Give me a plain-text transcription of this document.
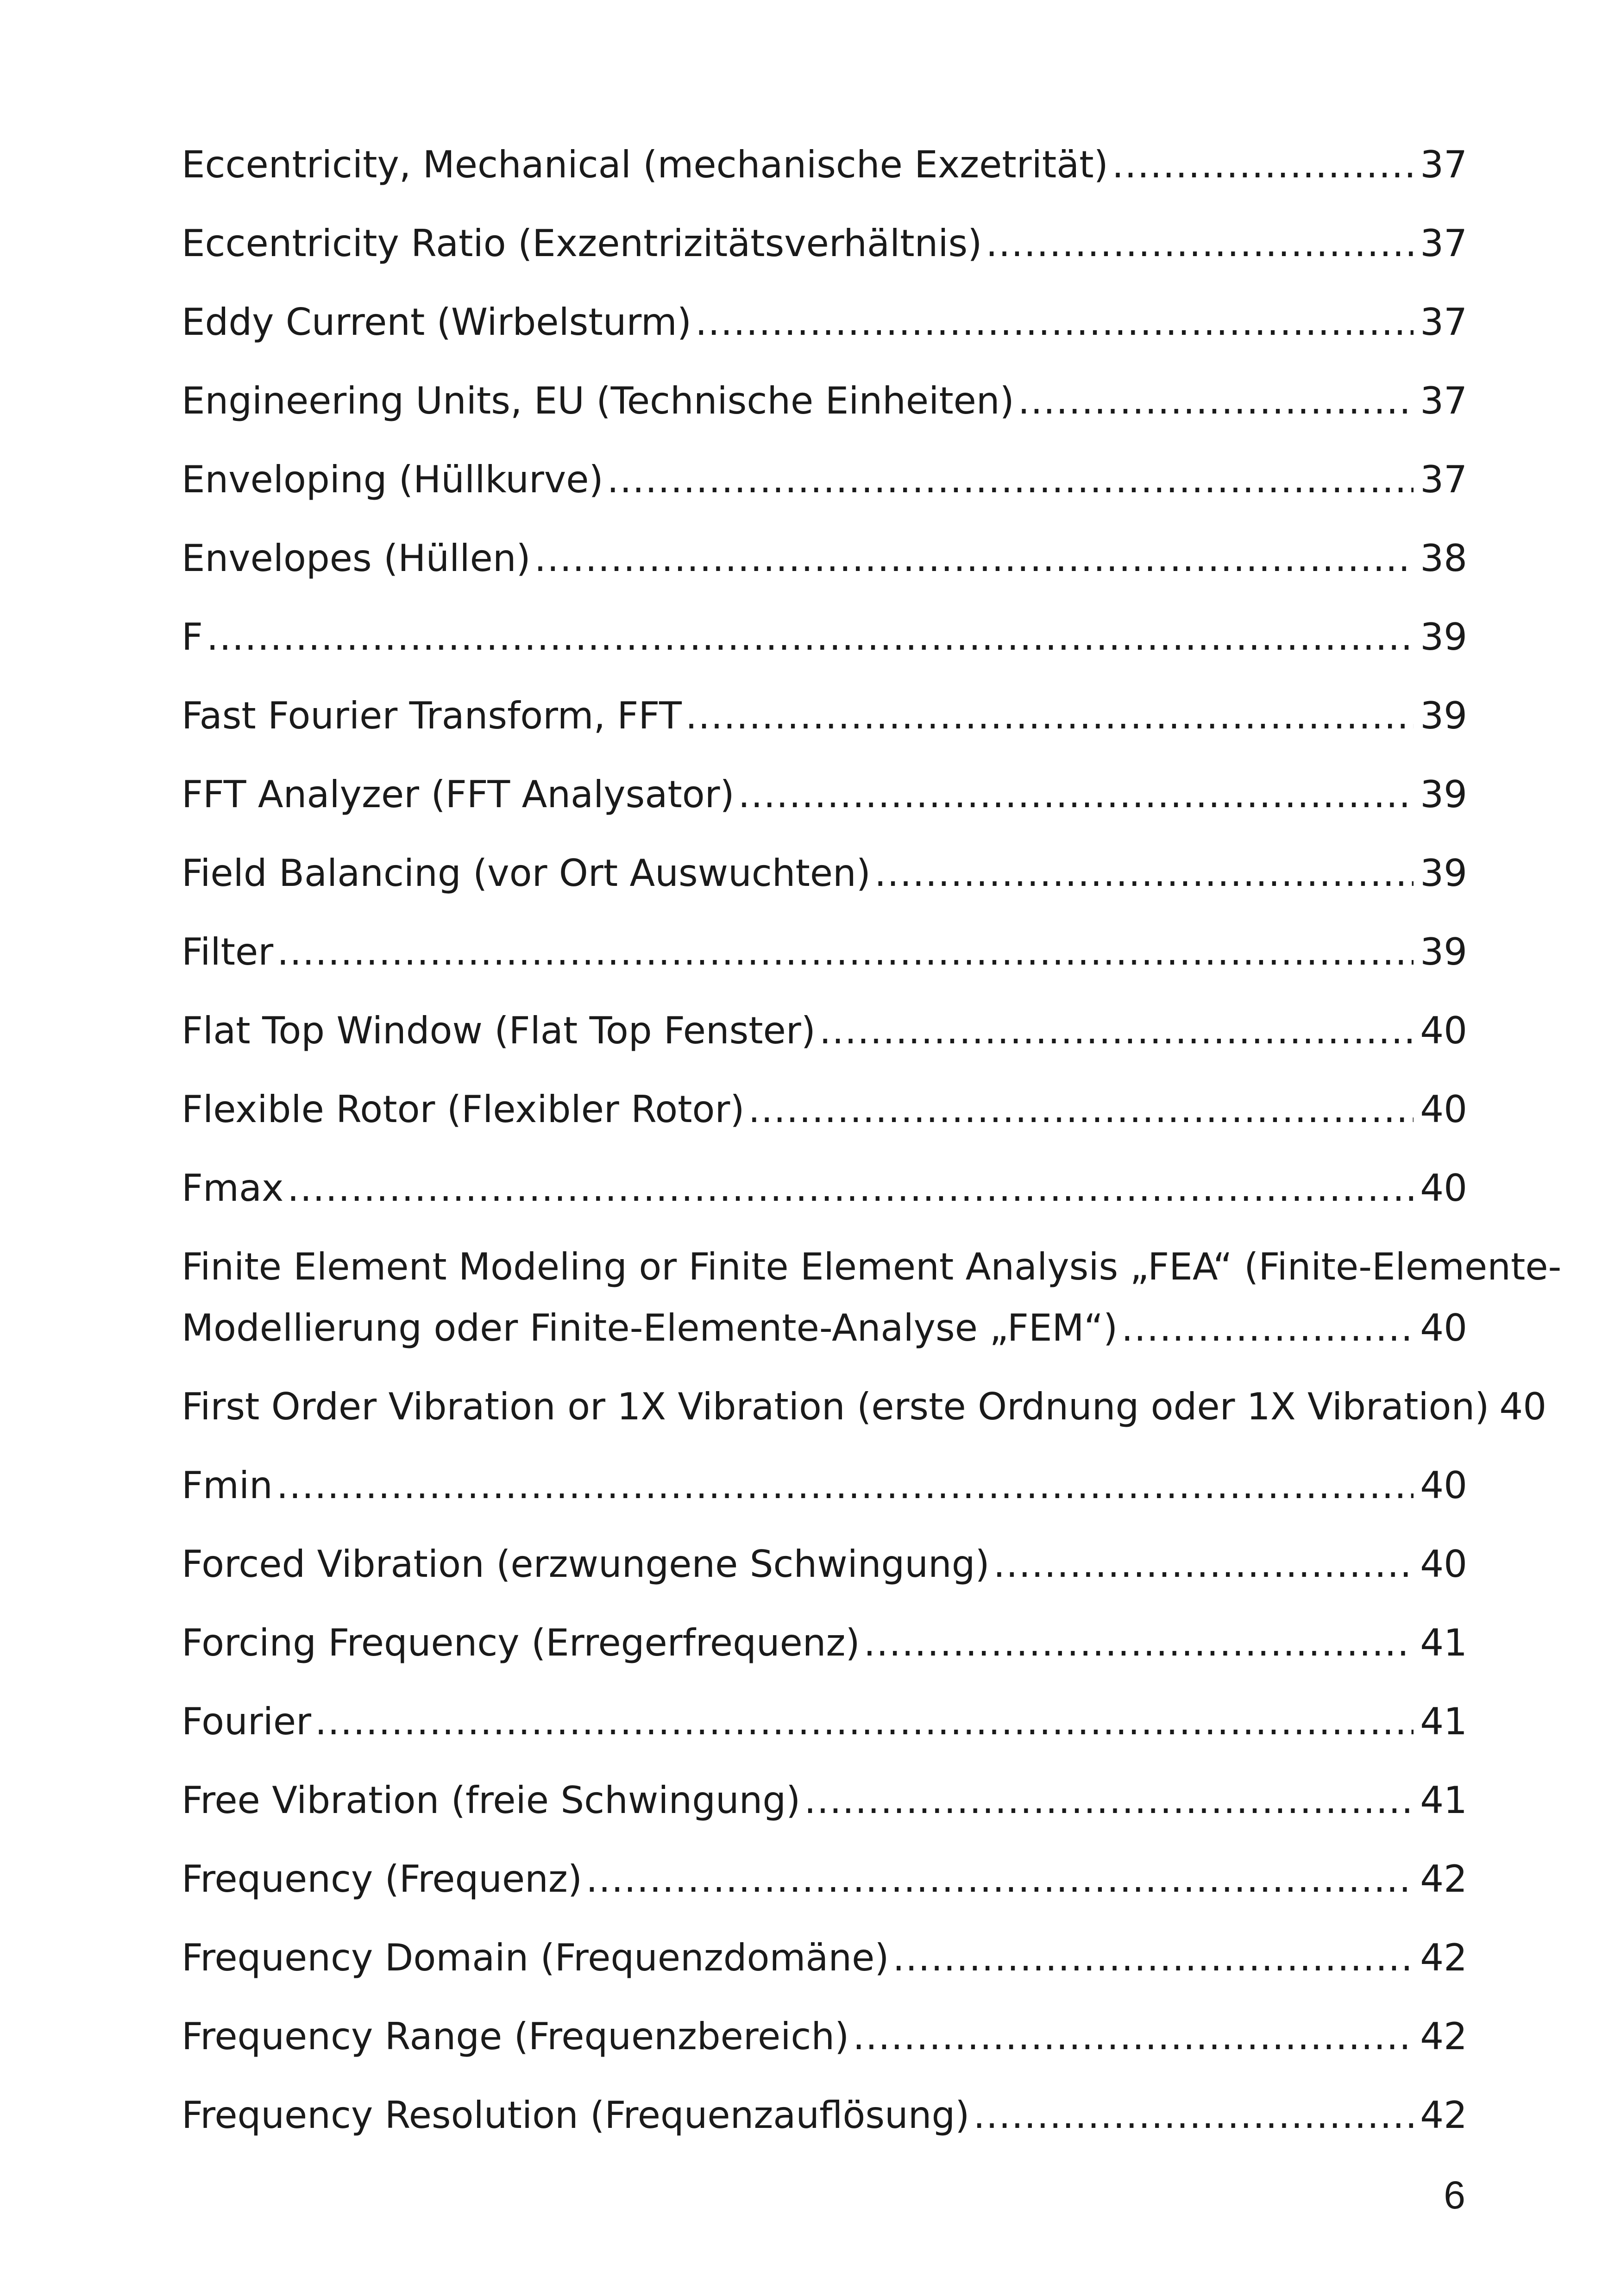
Eccentricity, Mechanical (mechanische Exzetrität) .....	37
Eccentricity Ratio (Exzentrizitätsverhältnis) .....	37
Eddy Current (Wirbelsturm) .....	37
Engineering Units, EU (Technische Einheiten) .....	37
Enveloping (Hüllkurve) .....	37
Envelopes (Hüllen) .....	38
F .....	39
Fast Fourier Transform, FFT .....	39
FFT Analyzer (FFT Analysator) .....	39
Field Balancing (vor Ort Auswuchten) .....	39
Filter .....	39
Flat Top Window (Flat Top Fenster) .....	40
Flexible Rotor (Flexibler Rotor) .....	40
Fmax .....	40
Finite Element Modeling or Finite Element Analysis „FEA“ (Finite-Elemente-
Modellierung oder Finite-Elemente-Analyse „FEM“) .....	40
First Order Vibration or 1X Vibration (erste Ordnung oder 1X Vibration) 40
Fmin .....	40
Forced Vibration (erzwungene Schwingung) .....	40
Forcing Frequency (Erregerfrequenz) .....	41
Fourier .....	41
Free Vibration (freie Schwingung) .....	41
Frequency (Frequenz) .....	42
Frequency Domain (Frequenzdomäne) .....	42
Frequency Range (Frequenzbereich) .....	42
Frequency Resolution (Frequenzauflösung) .....	42
6
